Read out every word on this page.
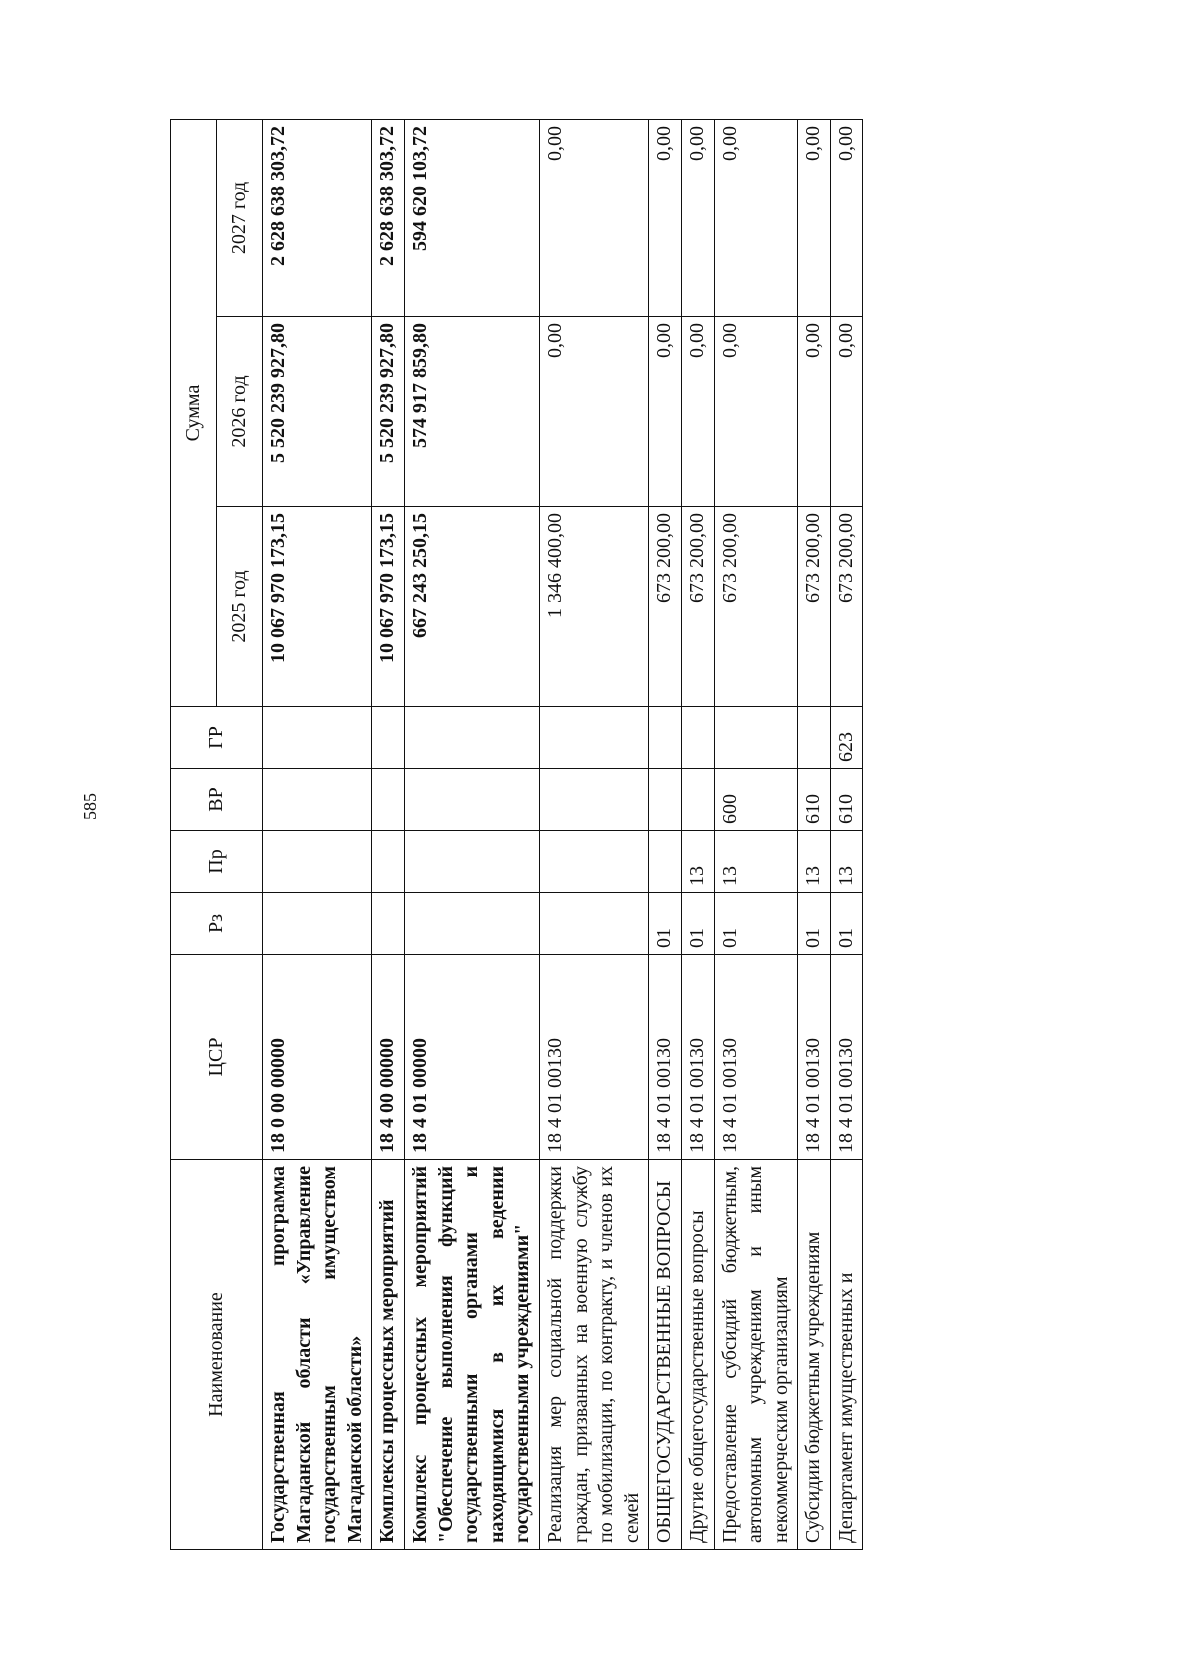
585
Наименование	ЦСР	Рз	Пр	ВР	ГР	Сумма		
						2025 год	2026 год	2027 год
Государственная программа Магаданской области «Управление государственным имуществом Магаданской области»	18 0 00 00000					10 067 970 173,15	5 520 239 927,80	2 628 638 303,72
Комплексы процессных мероприятий	18 4 00 00000					10 067 970 173,15	5 520 239 927,80	2 628 638 303,72
Комплекс процессных мероприятий "Обеспечение выполнения функций государственными органами и находящимися в их ведении государственными учреждениями"	18 4 01 00000					667 243 250,15	574 917 859,80	594 620 103,72
Реализация мер социальной поддержки граждан, призванных на военную службу по мобилизации, по контракту, и членов их семей	18 4 01 00130					1 346 400,00	0,00	0,00
ОБЩЕГОСУДАРСТВЕННЫЕ ВОПРОСЫ	18 4 01 00130	01				673 200,00	0,00	0,00
Другие общегосударственные вопросы	18 4 01 00130	01	13			673 200,00	0,00	0,00
Предоставление субсидий бюджетным, автономным учреждениям и иным некоммерческим организациям	18 4 01 00130	01	13	600		673 200,00	0,00	0,00
Субсидии бюджетным учреждениям	18 4 01 00130	01	13	610		673 200,00	0,00	0,00
Департамент имущественных и	18 4 01 00130	01	13	610	623	673 200,00	0,00	0,00
